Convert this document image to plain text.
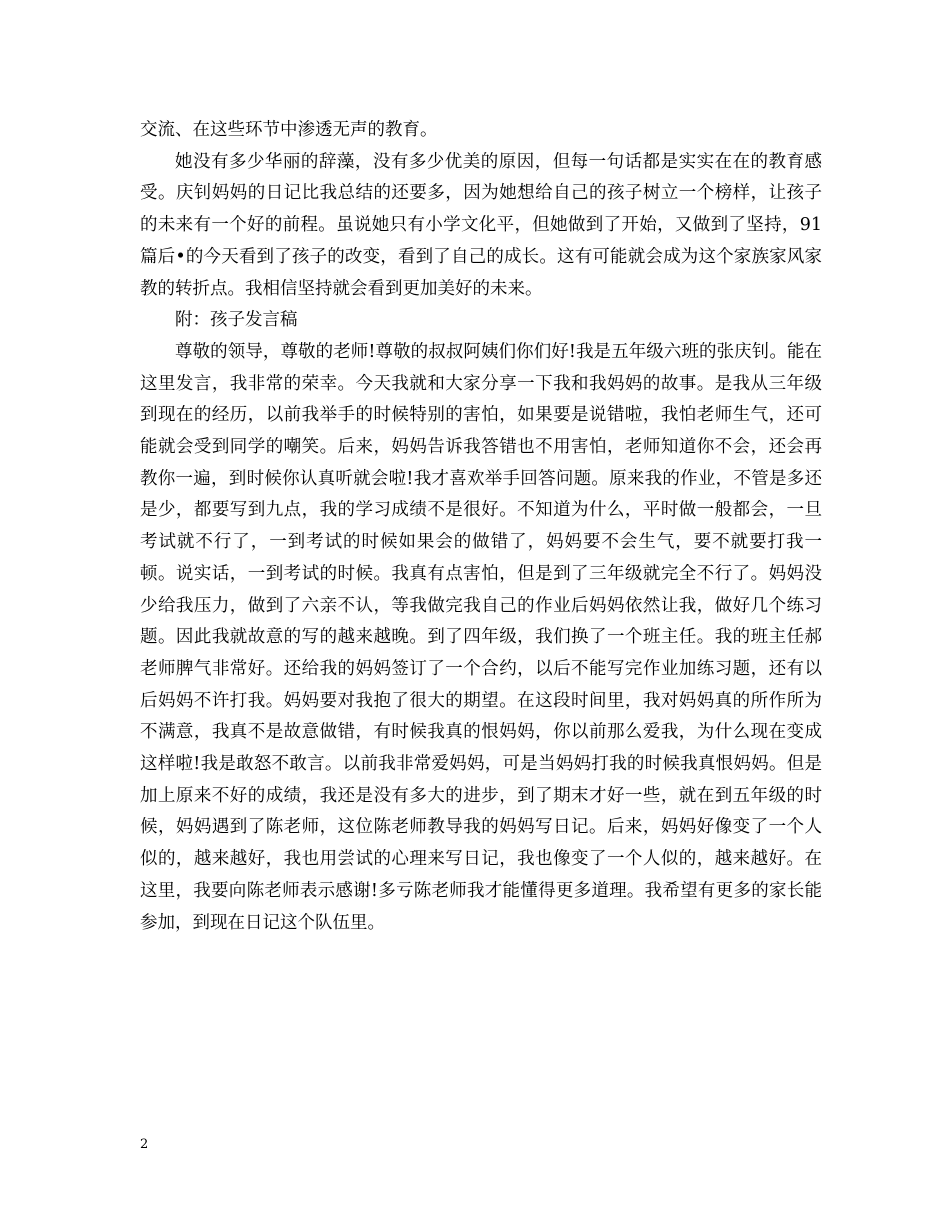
交流、在这些环节中渗透无声的教育。

她没有多少华丽的辞藻，没有多少优美的原因，但每一句话都是实实在在的教育感受。庆钊妈妈的日记比我总结的还要多，因为她想给自己的孩子树立一个榜样，让孩子的未来有一个好的前程。虽说她只有小学文化平，但她做到了开始，又做到了坚持，91篇后•的今天看到了孩子的改变，看到了自己的成长。这有可能就会成为这个家族家风家教的转折点。我相信坚持就会看到更加美好的未来。

附：孩子发言稿

尊敬的领导，尊敬的老师!尊敬的叔叔阿姨们你们好!我是五年级六班的张庆钊。能在这里发言，我非常的荣幸。今天我就和大家分享一下我和我妈妈的故事。是我从三年级到现在的经历，以前我举手的时候特别的害怕，如果要是说错啦，我怕老师生气，还可能就会受到同学的嘲笑。后来，妈妈告诉我答错也不用害怕，老师知道你不会，还会再教你一遍，到时候你认真听就会啦!我才喜欢举手回答问题。原来我的作业，不管是多还是少，都要写到九点，我的学习成绩不是很好。不知道为什么，平时做一般都会，一旦考试就不行了，一到考试的时候如果会的做错了，妈妈要不会生气，要不就要打我一顿。说实话，一到考试的时候。我真有点害怕，但是到了三年级就完全不行了。妈妈没少给我压力，做到了六亲不认，等我做完我自己的作业后妈妈依然让我，做好几个练习题。因此我就故意的写的越来越晚。到了四年级，我们换了一个班主任。我的班主任郝老师脾气非常好。还给我的妈妈签订了一个合约，以后不能写完作业加练习题，还有以后妈妈不许打我。妈妈要对我抱了很大的期望。在这段时间里，我对妈妈真的所作所为不满意，我真不是故意做错，有时候我真的恨妈妈，你以前那么爱我，为什么现在变成这样啦!我是敢怒不敢言。以前我非常爱妈妈，可是当妈妈打我的时候我真恨妈妈。但是加上原来不好的成绩，我还是没有多大的进步，到了期末才好一些，就在到五年级的时候，妈妈遇到了陈老师，这位陈老师教导我的妈妈写日记。后来，妈妈好像变了一个人似的，越来越好，我也用尝试的心理来写日记，我也像变了一个人似的，越来越好。在这里，我要向陈老师表示感谢!多亏陈老师我才能懂得更多道理。我希望有更多的家长能参加，到现在日记这个队伍里。

2
